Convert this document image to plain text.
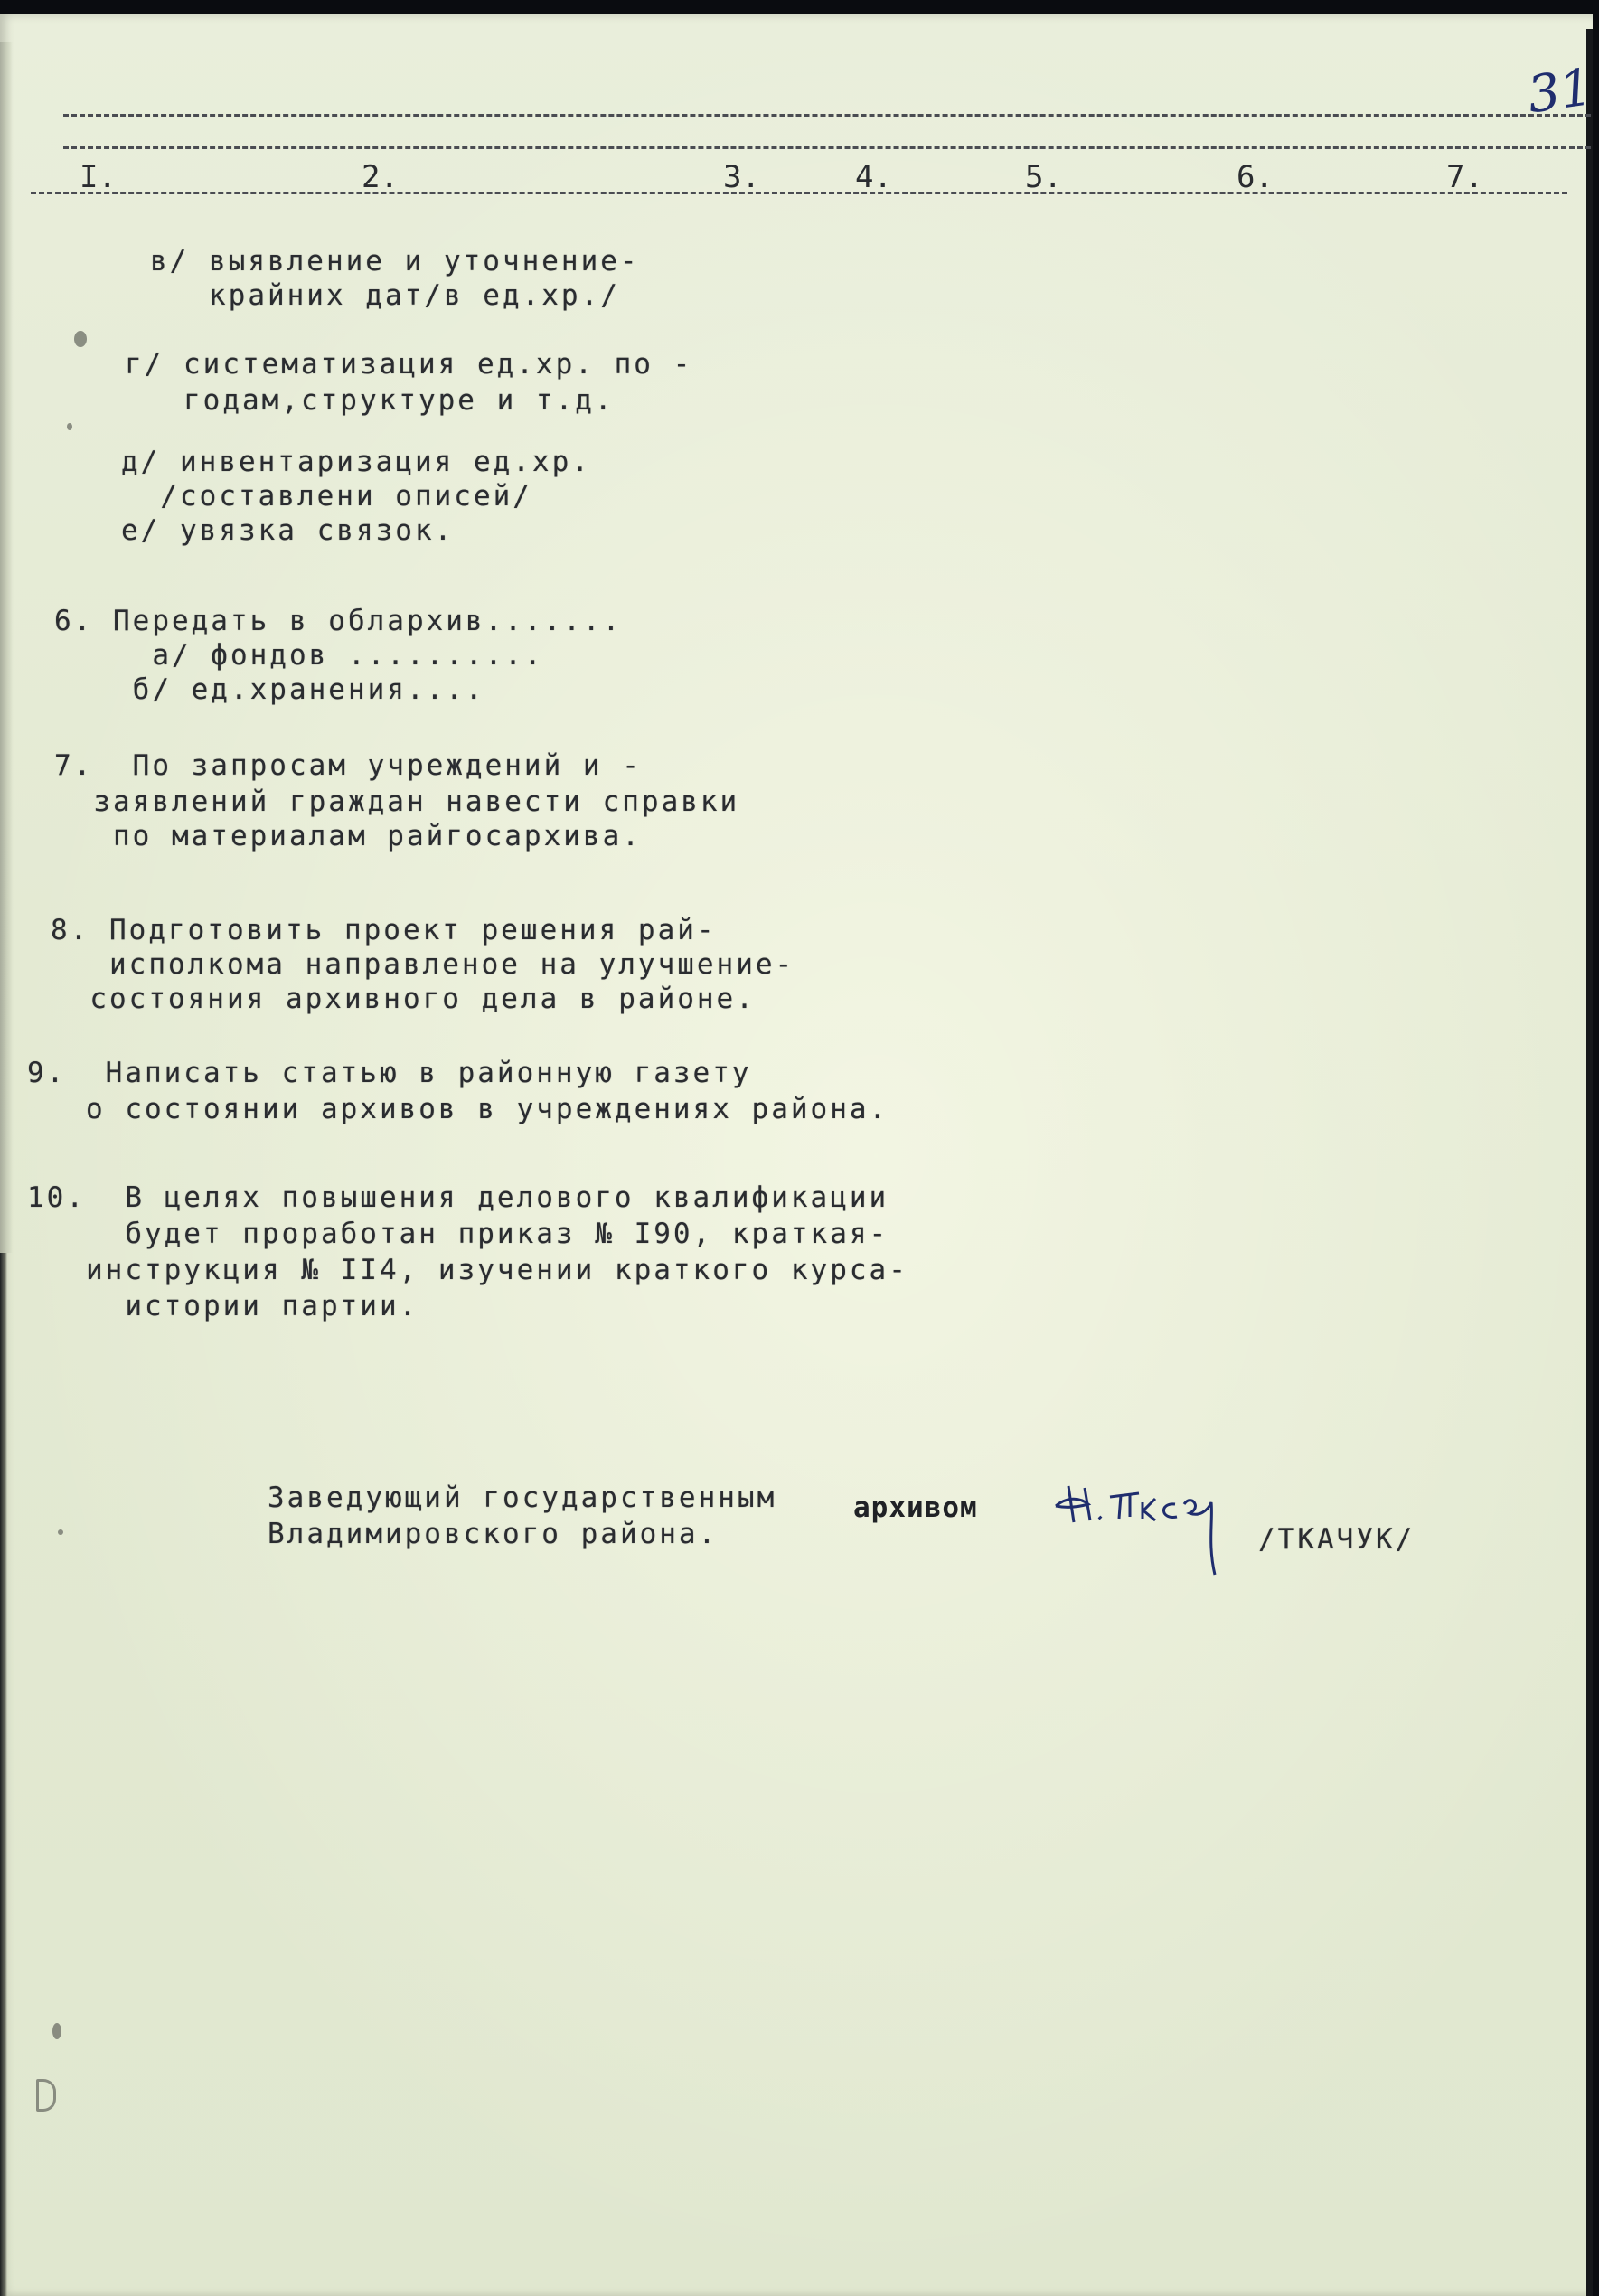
31
I.	2.	3.	4.	5.	6.	7.
в/ выявление и уточнение-
крайних дат/в ед.хр./
г/ систематизация ед.хр. по -
годам,структуре и т.д.
д/ инвентаризация ед.хр.
/составлени описей/
е/ увязка связок.
6. Передать в облархив.......
а/ фондов ..........
б/ ед.хранения....
7.  По запросам учреждений и -
заявлений граждан навести справки
по материалам райгосархива.
8. Подготовить проект решения рай-
исполкома направленое на улучшение-
состояния архивного дела в районе.
9.  Написать статью в районную газету
о состоянии архивов в учреждениях района.
10.  В целях повышения делового квалификации
будет проработан приказ № I90, краткая-
инструкция № II4, изучении краткого курса-
истории партии.
Заведующий государственным	архивом
Владимировского района.	/ТКАЧУК/
